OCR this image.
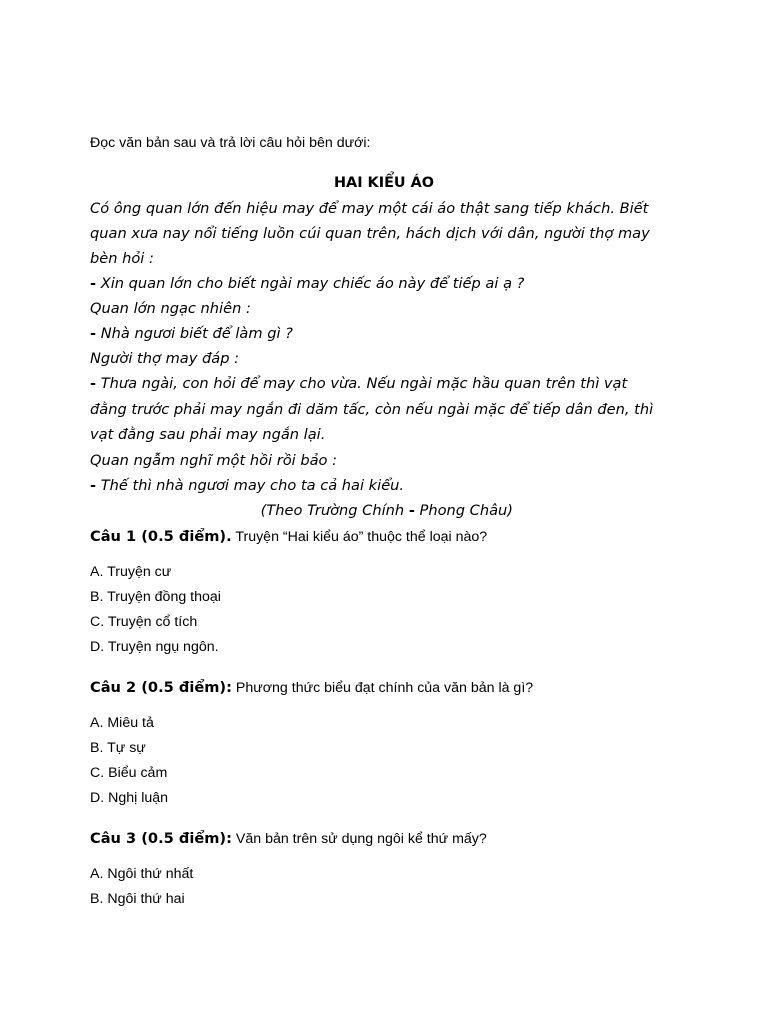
Đọc văn bản sau và trả lời câu hỏi bên dưới:
HAI KIỂU ÁO
Có ông quan lớn đến hiệu may để may một cái áo thật sang tiếp khách. Biết
quan xưa nay nổi tiếng luồn cúi quan trên, hách dịch với dân, người thợ may
bèn hỏi :
- Xin quan lớn cho biết ngài may chiếc áo này để tiếp ai ạ ?
Quan lớn ngạc nhiên :
- Nhà ngươi biết để làm gì ?
Người thợ may đáp :
- Thưa ngài, con hỏi để may cho vừa. Nếu ngài mặc hầu quan trên thì vạt
đằng trước phải may ngắn đi dăm tấc, còn nếu ngài mặc để tiếp dân đen, thì
vạt đằng sau phải may ngắn lại.
Quan ngẫm nghĩ một hồi rồi bảo :
- Thế thì nhà ngươi may cho ta cả hai kiểu.
(Theo Trường Chính - Phong Châu)
Câu 1 (0.5 điểm). Truyện “Hai kiểu áo” thuộc thể loại nào?
A. Truyện cư
B. Truyện đồng thoại
C. Truyện cổ tích
D. Truyện ngụ ngôn.
Câu 2 (0.5 điểm): Phương thức biểu đạt chính của văn bản là gì?
A. Miêu tả
B. Tự sự
C. Biểu cảm
D. Nghị luận
Câu 3 (0.5 điểm): Văn bản trên sử dụng ngôi kể thứ mấy?
A. Ngôi thứ nhất
B. Ngôi thứ hai
